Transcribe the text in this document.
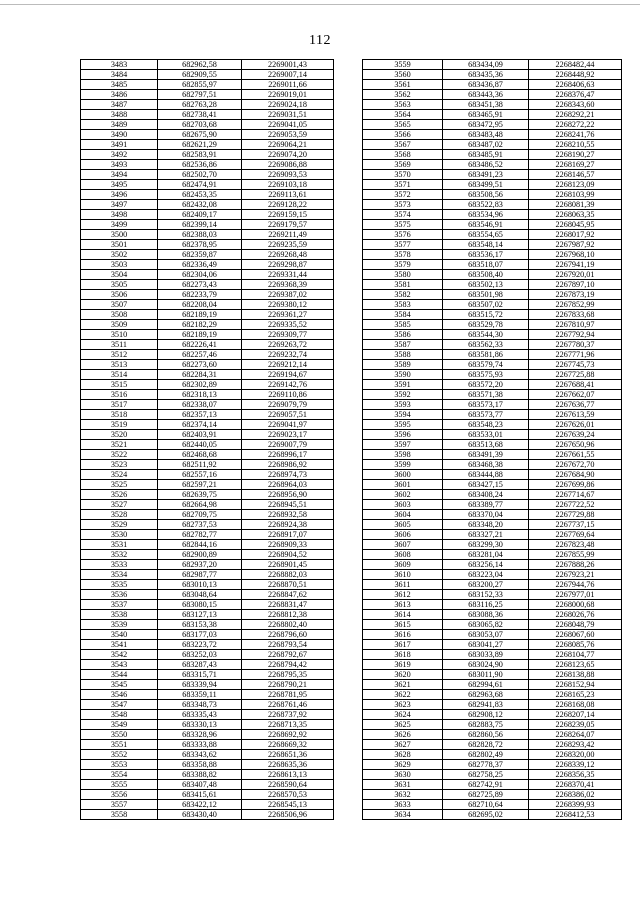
112
3483	682962,58	2269001,43
3484	682909,55	2269007,14
3485	682855,97	2269011,66
3486	682797,51	2269019,01
3487	682763,28	2269024,18
3488	682738,41	2269031,51
3489	682703,68	2269041,05
3490	682675,90	2269053,59
3491	682621,29	2269064,21
3492	682583,91	2269074,20
3493	682536,86	2269086,88
3494	682502,70	2269093,53
3495	682474,91	2269103,18
3496	682453,35	2269113,61
3497	682432,08	2269128,22
3498	682409,17	2269159,15
3499	682399,14	2269179,57
3500	682388,03	2269211,49
3501	682378,95	2269235,59
3502	682359,87	2269268,48
3503	682336,49	2269298,87
3504	682304,06	2269331,44
3505	682273,43	2269368,39
3506	682233,79	2269387,02
3507	682208,04	2269380,12
3508	682189,19	2269361,27
3509	682182,29	2269335,52
3510	682189,19	2269309,77
3511	682226,41	2269263,72
3512	682257,46	2269232,74
3513	682273,60	2269212,14
3514	682284,31	2269194,67
3515	682302,89	2269142,76
3516	682318,13	2269110,86
3517	682338,07	2269079,79
3518	682357,13	2269057,51
3519	682374,14	2269041,97
3520	682403,91	2269023,17
3521	682440,05	2269007,79
3522	682468,68	2268996,17
3523	682511,92	2268986,92
3524	682557,16	2268974,73
3525	682597,21	2268964,03
3526	682639,75	2268956,90
3527	682664,98	2268945,51
3528	682709,75	2268932,58
3529	682737,53	2268924,38
3530	682782,77	2268917,07
3531	682844,16	2268909,33
3532	682900,89	2268904,52
3533	682937,20	2268901,45
3534	682987,77	2268882,03
3535	683010,13	2268870,51
3536	683048,64	2268847,62
3537	683080,15	2268831,47
3538	683127,13	2268812,38
3539	683153,38	2268802,40
3540	683177,03	2268796,60
3541	683223,72	2268793,54
3542	683252,03	2268792,67
3543	683287,43	2268794,42
3544	683315,71	2268795,35
3545	683339,94	2268790,21
3546	683359,11	2268781,95
3547	683348,73	2268761,46
3548	683335,43	2268737,92
3549	683330,13	2268713,35
3550	683328,96	2268692,92
3551	683333,88	2268669,32
3552	683343,62	2268651,36
3553	683358,88	2268635,36
3554	683388,82	2268613,13
3555	683407,48	2268590,64
3556	683415,61	2268570,53
3557	683422,12	2268545,13
3558	683430,40	2268506,96
3559	683434,09	2268482,44
3560	683435,36	2268448,92
3561	683436,87	2268406,63
3562	683443,36	2268376,47
3563	683451,38	2268343,60
3564	683465,91	2268292,21
3565	683472,95	2268272,22
3566	683483,48	2268241,76
3567	683487,02	2268210,55
3568	683485,91	2268190,27
3569	683486,52	2268169,27
3570	683491,23	2268146,57
3571	683499,51	2268123,09
3572	683508,56	2268103,99
3573	683522,83	2268081,39
3574	683534,96	2268063,35
3575	683546,91	2268045,95
3576	683554,65	2268017,92
3577	683548,14	2267987,92
3578	683536,17	2267968,10
3579	683518,07	2267941,19
3580	683508,40	2267920,01
3581	683502,13	2267897,10
3582	683501,98	2267873,19
3583	683507,02	2267852,99
3584	683515,72	2267833,68
3585	683529,78	2267810,97
3586	683544,30	2267792,94
3587	683562,33	2267780,37
3588	683581,86	2267771,96
3589	683579,74	2267745,73
3590	683575,93	2267725,88
3591	683572,20	2267688,41
3592	683571,38	2267662,07
3593	683573,17	2267636,77
3594	683573,77	2267613,59
3595	683548,23	2267626,01
3596	683533,01	2267639,24
3597	683513,68	2267650,96
3598	683491,39	2267661,55
3599	683468,38	2267672,70
3600	683444,88	2267684,90
3601	683427,15	2267699,86
3602	683408,24	2267714,67
3603	683389,77	2267722,52
3604	683370,04	2267729,88
3605	683348,20	2267737,15
3606	683327,21	2267769,64
3607	683299,30	2267823,48
3608	683281,04	2267855,99
3609	683256,14	2267888,26
3610	683223,04	2267923,21
3611	683200,27	2267944,76
3612	683152,33	2267977,01
3613	683116,25	2268000,68
3614	683088,36	2268026,76
3615	683065,82	2268048,79
3616	683053,07	2268067,60
3617	683041,27	2268085,76
3618	683033,89	2268104,77
3619	683024,90	2268123,65
3620	683011,90	2268138,88
3621	682994,61	2268152,94
3622	682963,68	2268165,23
3623	682941,83	2268168,08
3624	682908,12	2268207,14
3625	682883,75	2268239,05
3626	682860,56	2268264,07
3627	682828,72	2268293,42
3628	682802,49	2268320,00
3629	682778,37	2268339,12
3630	682758,25	2268356,35
3631	682742,91	2268370,41
3632	682725,89	2268386,02
3633	682710,64	2268399,93
3634	682695,02	2268412,53
